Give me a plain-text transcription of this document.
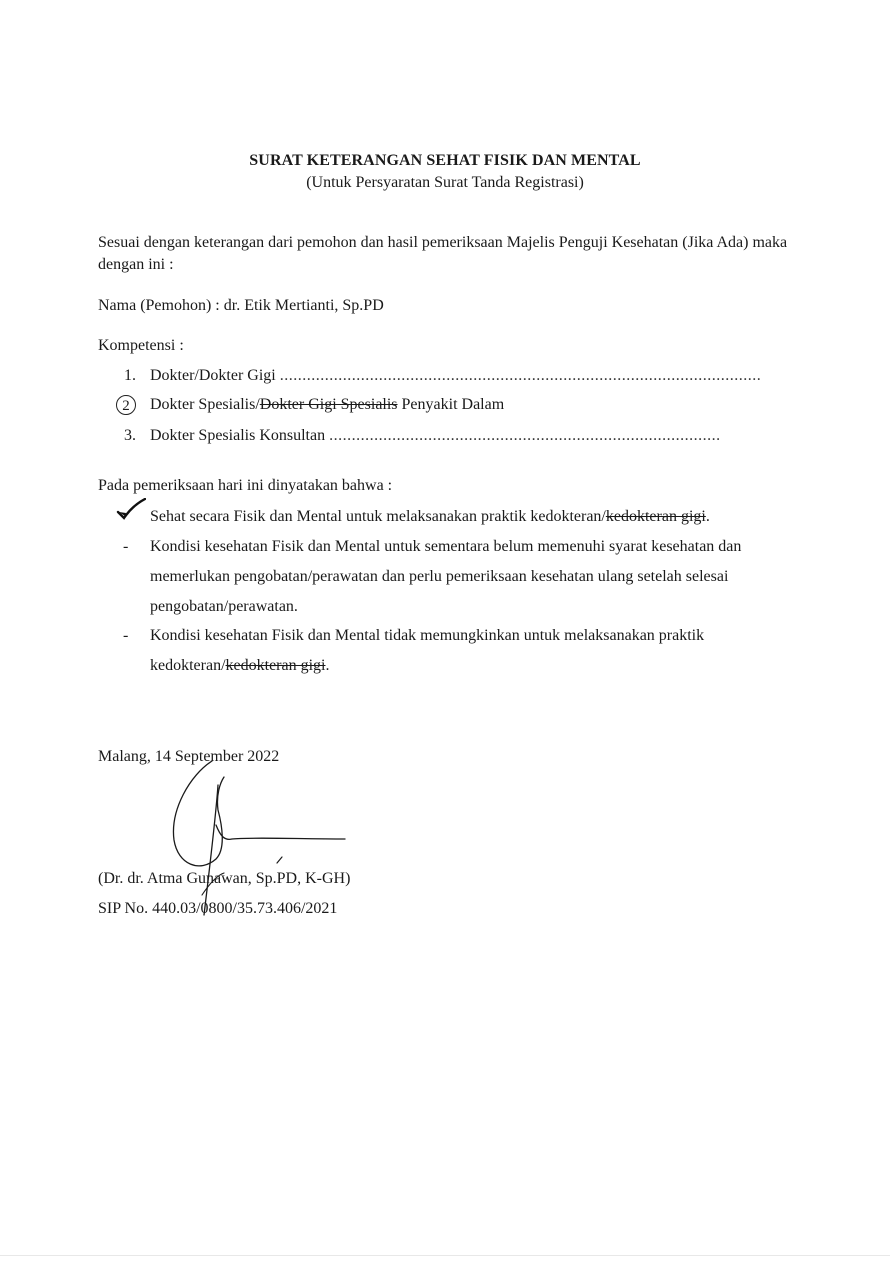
SURAT KETERANGAN SEHAT FISIK DAN MENTAL
(Untuk Persyaratan Surat Tanda Registrasi)
Sesuai dengan keterangan dari pemohon dan hasil pemeriksaan Majelis Penguji Kesehatan (Jika Ada) maka dengan ini :
Nama (Pemohon) : dr. Etik Mertianti, Sp.PD
Kompetensi :
1. Dokter/Dokter Gigi ...........................................................................................................
2	Dokter Spesialis/Dokter Gigi Spesialis Penyakit Dalam
3. Dokter Spesialis Konsultan .......................................................................................
Pada pemeriksaan hari ini dinyatakan bahwa :
Sehat secara Fisik dan Mental untuk melaksanakan praktik kedokteran/kedokteran gigi.
- Kondisi kesehatan Fisik dan Mental untuk sementara belum memenuhi syarat kesehatan dan memerlukan pengobatan/perawatan dan perlu pemeriksaan kesehatan ulang setelah selesai pengobatan/perawatan.
- Kondisi kesehatan Fisik dan Mental tidak memungkinkan untuk melaksanakan praktik kedokteran/kedokteran gigi.
Malang, 14 September 2022
(Dr. dr. Atma Gunawan, Sp.PD, K-GH)
SIP No. 440.03/0800/35.73.406/2021
